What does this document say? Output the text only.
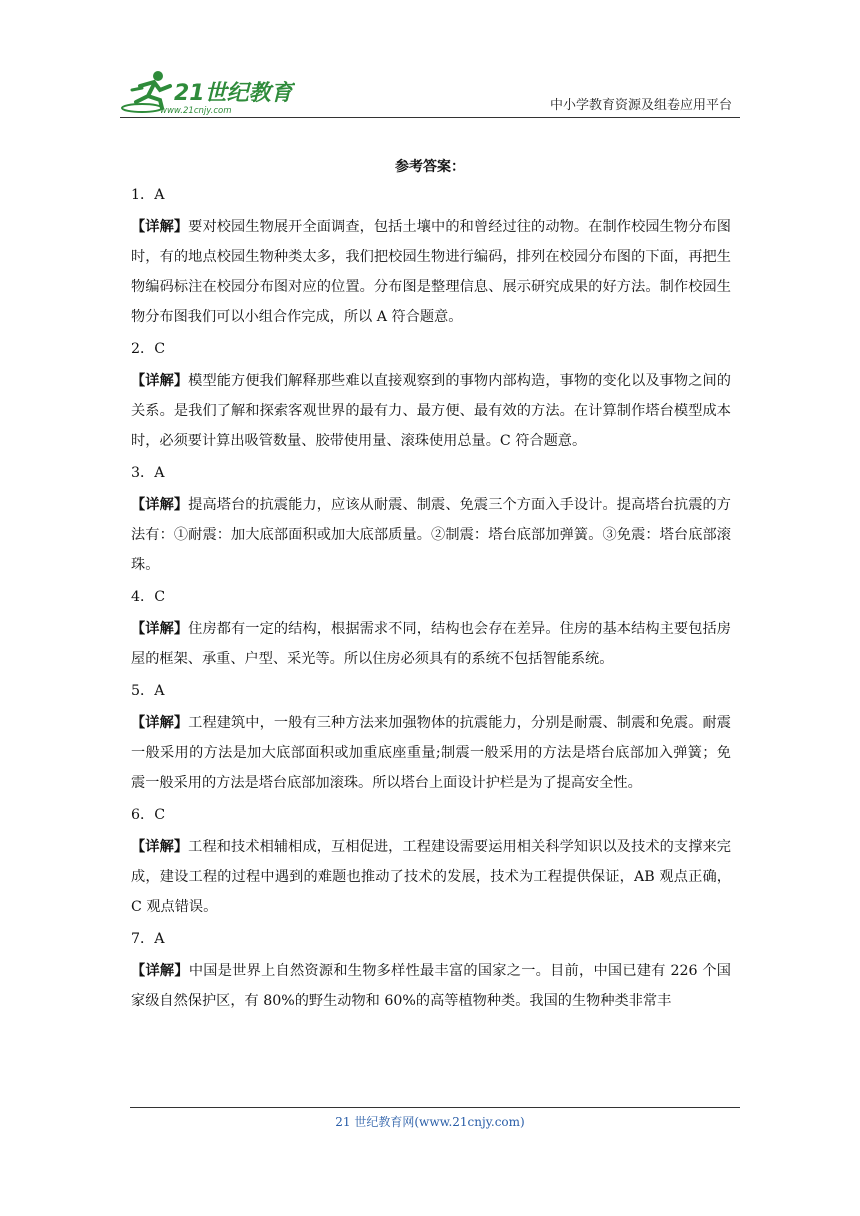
21世纪教育
www.21cnjy.com	中小学教育资源及组卷应用平台
参考答案：
1．A

【详解】要对校园生物展开全面调查，包括土壤中的和曾经过往的动物。在制作校园生物分布图时，有的地点校园生物种类太多，我们把校园生物进行编码，排列在校园分布图的下面，再把生物编码标注在校园分布图对应的位置。分布图是整理信息、展示研究成果的好方法。制作校园生物分布图我们可以小组合作完成，所以 A 符合题意。

2．C

【详解】模型能方便我们解释那些难以直接观察到的事物内部构造，事物的变化以及事物之间的关系。是我们了解和探索客观世界的最有力、最方便、最有效的方法。在计算制作塔台模型成本时，必须要计算出吸管数量、胶带使用量、滚珠使用总量。C 符合题意。

3．A

【详解】提高塔台的抗震能力，应该从耐震、制震、免震三个方面入手设计。提高塔台抗震的方法有：①耐震：加大底部面积或加大底部质量。②制震：塔台底部加弹簧。③免震：塔台底部滚珠。

4．C

【详解】住房都有一定的结构，根据需求不同，结构也会存在差异。住房的基本结构主要包括房屋的框架、承重、户型、采光等。所以住房必须具有的系统不包括智能系统。

5．A

【详解】工程建筑中，一般有三种方法来加强物体的抗震能力，分别是耐震、制震和免震。耐震一般采用的方法是加大底部面积或加重底座重量;制震一般采用的方法是塔台底部加入弹簧；免震一般采用的方法是塔台底部加滚珠。所以塔台上面设计护栏是为了提高安全性。

6．C

【详解】工程和技术相辅相成，互相促进，工程建设需要运用相关科学知识以及技术的支撑来完成，建设工程的过程中遇到的难题也推动了技术的发展，技术为工程提供保证，AB 观点正确，C 观点错误。

7．A

【详解】中国是世界上自然资源和生物多样性最丰富的国家之一。目前，中国已建有 226 个国家级自然保护区，有 80%的野生动物和 60%的高等植物种类。我国的生物种类非常丰

21 世纪教育网(www.21cnjy.com)
